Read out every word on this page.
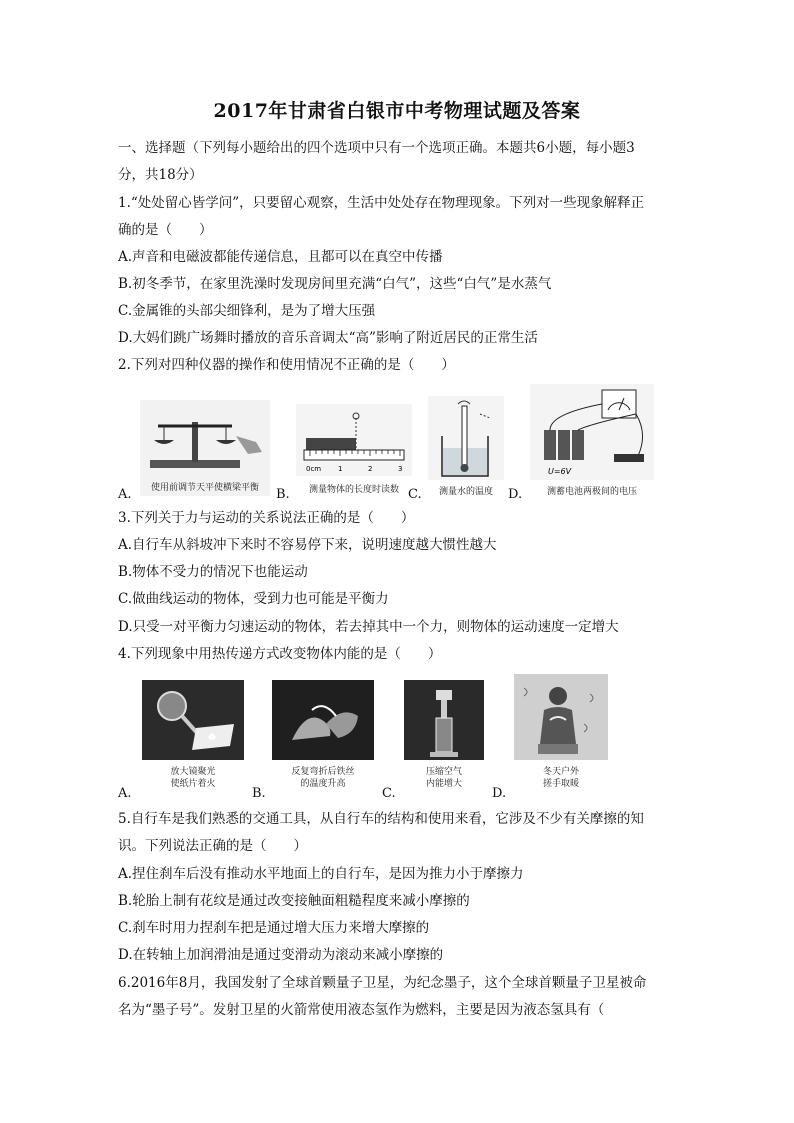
2017年甘肃省白银市中考物理试题及答案
一、选择题（下列每小题给出的四个选项中只有一个选项正确。本题共6小题，每小题3
分，共18分）
1.“处处留心皆学问”，只要留心观察，生活中处处存在物理现象。下列对一些现象解释正
确的是（　　）
A.声音和电磁波都能传递信息，且都可以在真空中传播
B.初冬季节，在家里洗澡时发现房间里充满“白气”，这些“白气”是水蒸气
C.金属锥的头部尖细锋利，是为了增大压强
D.大妈们跳广场舞时播放的音乐音调太“高”影响了附近居民的正常生活
2.下列对四种仪器的操作和使用情况不正确的是（　　）
A.	使用前调节天平使横梁平衡	B.
0cm 1	2	3
测量物体的长度时读数 C.	测量水的温度	D.
U=6V
测蓄电池两极间的电压
3.下列关于力与运动的关系说法正确的是（　　）
A.自行车从斜坡冲下来时不容易停下来，说明速度越大惯性越大
B.物体不受力的情况下也能运动
C.做曲线运动的物体，受到力也可能是平衡力
D.只受一对平衡力匀速运动的物体，若去掉其中一个力，则物体的运动速度一定增大
4.下列现象中用热传递方式改变物体内能的是（　　）
A.
放大镜聚光
使纸片着火
B.
反复弯折后铁丝
的温度升高
C.
压缩空气
内能增大
D.
冬天户外
搓手取暖
5.自行车是我们熟悉的交通工具，从自行车的结构和使用来看，它涉及不少有关摩擦的知
识。下列说法正确的是（　　）
A.捏住刹车后没有推动水平地面上的自行车，是因为推力小于摩擦力
B.轮胎上制有花纹是通过改变接触面粗糙程度来减小摩擦的
C.刹车时用力捏刹车把是通过增大压力来增大摩擦的
D.在转轴上加润滑油是通过变滑动为滚动来减小摩擦的
6.2016年8月，我国发射了全球首颗量子卫星，为纪念墨子，这个全球首颗量子卫星被命
名为“墨子号”。发射卫星的火箭常使用液态氢作为燃料，主要是因为液态氢具有（
